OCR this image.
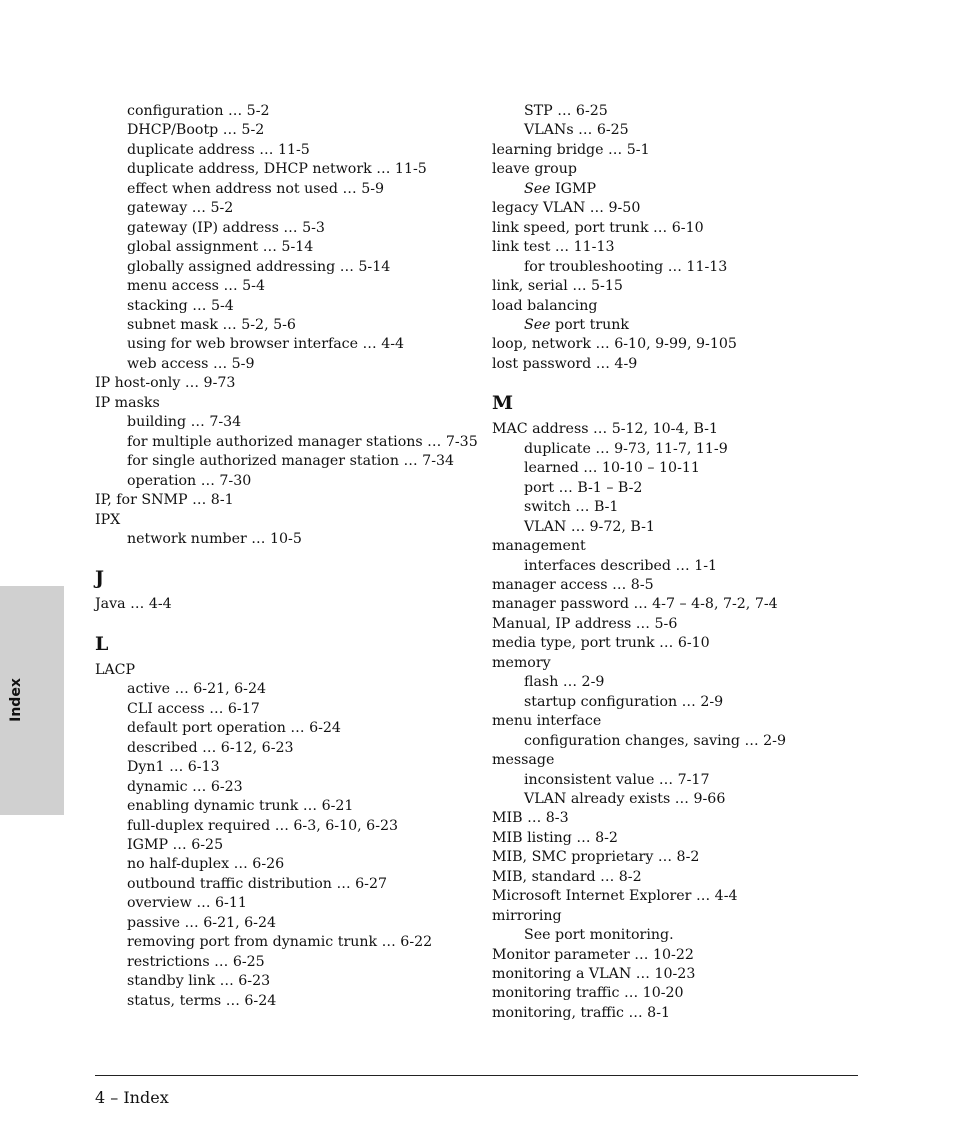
Index
configuration … 5-2
DHCP/Bootp … 5-2
duplicate address … 11-5
duplicate address, DHCP network … 11-5
effect when address not used … 5-9
gateway … 5-2
gateway (IP) address … 5-3
global assignment … 5-14
globally assigned addressing … 5-14
menu access … 5-4
stacking … 5-4
subnet mask … 5-2, 5-6
using for web browser interface … 4-4
web access … 5-9
IP host-only … 9-73
IP masks
building … 7-34
for multiple authorized manager stations … 7-35
for single authorized manager station … 7-34
operation … 7-30
IP, for SNMP … 8-1
IPX
network number … 10-5
J
Java … 4-4
L
LACP
active … 6-21, 6-24
CLI access … 6-17
default port operation … 6-24
described … 6-12, 6-23
Dyn1 … 6-13
dynamic … 6-23
enabling dynamic trunk … 6-21
full-duplex required … 6-3, 6-10, 6-23
IGMP … 6-25
no half-duplex … 6-26
outbound traffic distribution … 6-27
overview … 6-11
passive … 6-21, 6-24
removing port from dynamic trunk … 6-22
restrictions … 6-25
standby link … 6-23
status, terms … 6-24
STP … 6-25
VLANs … 6-25
learning bridge … 5-1
leave group
See IGMP
legacy VLAN … 9-50
link speed, port trunk … 6-10
link test … 11-13
for troubleshooting … 11-13
link, serial … 5-15
load balancing
See port trunk
loop, network … 6-10, 9-99, 9-105
lost password … 4-9
M
MAC address … 5-12, 10-4, B-1
duplicate … 9-73, 11-7, 11-9
learned … 10-10 – 10-11
port … B-1 – B-2
switch … B-1
VLAN … 9-72, B-1
management
interfaces described … 1-1
manager access … 8-5
manager password … 4-7 – 4-8, 7-2, 7-4
Manual, IP address … 5-6
media type, port trunk … 6-10
memory
flash … 2-9
startup configuration … 2-9
menu interface
configuration changes, saving … 2-9
message
inconsistent value … 7-17
VLAN already exists … 9-66
MIB … 8-3
MIB listing … 8-2
MIB, SMC proprietary … 8-2
MIB, standard … 8-2
Microsoft Internet Explorer … 4-4
mirroring
See port monitoring.
Monitor parameter … 10-22
monitoring a VLAN … 10-23
monitoring traffic … 10-20
monitoring, traffic … 8-1
4 – Index
